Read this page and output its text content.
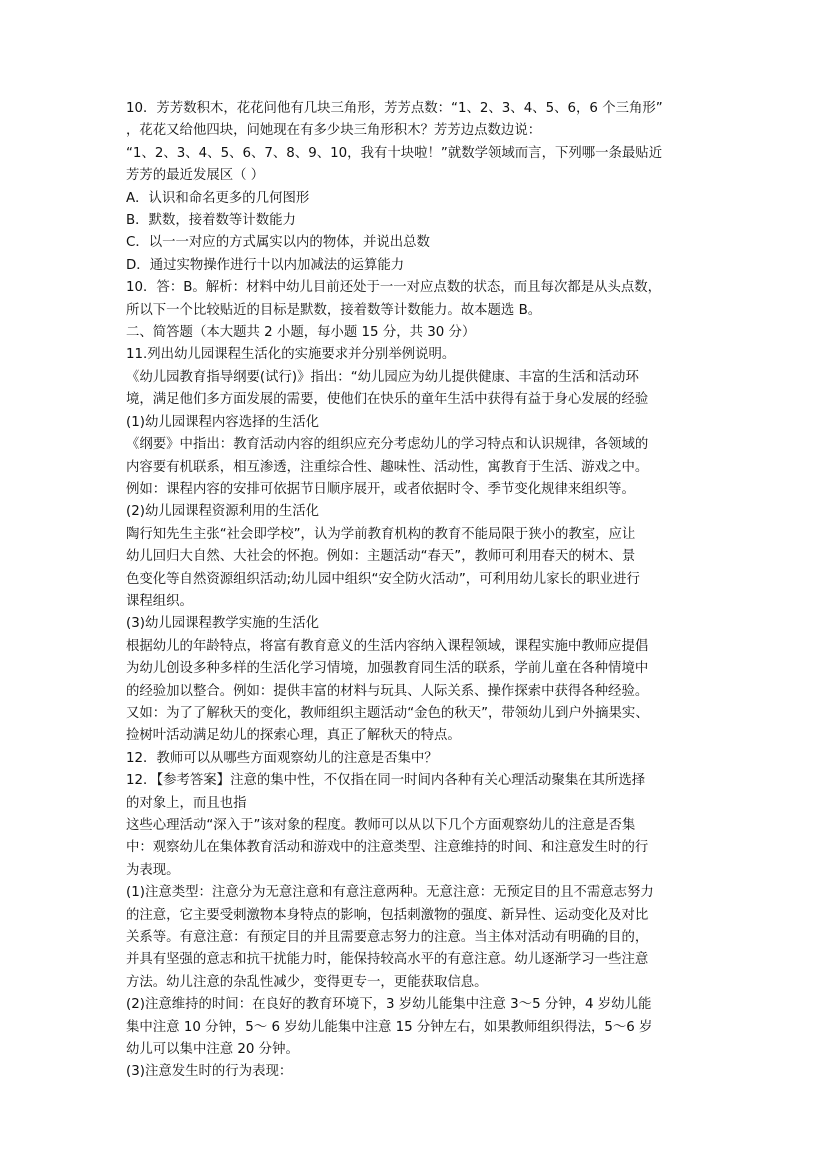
10．芳芳数积木，花花问他有几块三角形，芳芳点数：“1、2、3、4、5、6，6 个三角形”
，花花又给他四块，问她现在有多少块三角形积木？芳芳边点数边说：
“1、2、3、4、5、6、7、8、9、10，我有十块啦！”就数学领域而言，下列哪一条最贴近
芳芳的最近发展区（ ）
A．认识和命名更多的几何图形
B．默数，接着数等计数能力
C．以一一对应的方式属实以内的物体，并说出总数
D．通过实物操作进行十以内加减法的运算能力
10．答：B。解析：材料中幼儿目前还处于一一对应点数的状态，而且每次都是从头点数，
所以下一个比较贴近的目标是默数，接着数等计数能力。故本题选 B。
二、简答题（本大题共 2 小题，每小题 15 分，共 30 分）
11.列出幼儿园课程生活化的实施要求并分别举例说明。
《幼儿园教育指导纲要(试行)》指出：“幼儿园应为幼儿提供健康、丰富的生活和活动环
境，满足他们多方面发展的需要，使他们在快乐的童年生活中获得有益于身心发展的经验
(1)幼儿园课程内容选择的生活化
《纲要》中指出：教育活动内容的组织应充分考虑幼儿的学习特点和认识规律，各领域的
内容要有机联系，相互渗透，注重综合性、趣味性、活动性，寓教育于生活、游戏之中。
例如：课程内容的安排可依据节日顺序展开，或者依据时令、季节变化规律来组织等。
(2)幼儿园课程资源利用的生活化
陶行知先生主张“社会即学校”，认为学前教育机构的教育不能局限于狭小的教室，应让
幼儿回归大自然、大社会的怀抱。例如：主题活动“春天”，教师可利用春天的树木、景
色变化等自然资源组织活动;幼儿园中组织“安全防火活动”，可利用幼儿家长的职业进行
课程组织。
(3)幼儿园课程教学实施的生活化
根据幼儿的年龄特点，将富有教育意义的生活内容纳入课程领域，课程实施中教师应提倡
为幼儿创设多种多样的生活化学习情境，加强教育同生活的联系，学前儿童在各种情境中
的经验加以整合。例如：提供丰富的材料与玩具、人际关系、操作探索中获得各种经验。
又如：为了了解秋天的变化，教师组织主题活动“金色的秋天”，带领幼儿到户外摘果实、
捡树叶活动满足幼儿的探索心理，真正了解秋天的特点。
12．教师可以从哪些方面观察幼儿的注意是否集中？
12．【参考答案】注意的集中性，不仅指在同一时间内各种有关心理活动聚集在其所选择
的对象上，而且也指
这些心理活动“深入于”该对象的程度。教师可以从以下几个方面观察幼儿的注意是否集
中：观察幼儿在集体教育活动和游戏中的注意类型、注意维持的时间、和注意发生时的行
为表现。
(1)注意类型：注意分为无意注意和有意注意两种。无意注意：无预定目的且不需意志努力
的注意，它主要受刺激物本身特点的影响，包括刺激物的强度、新异性、运动变化及对比
关系等。有意注意：有预定目的并且需要意志努力的注意。当主体对活动有明确的目的，
并具有坚强的意志和抗干扰能力时，能保持较高水平的有意注意。幼儿逐渐学习一些注意
方法。幼儿注意的杂乱性减少，变得更专一，更能获取信息。
(2)注意维持的时间：在良好的教育环境下，3 岁幼儿能集中注意 3～5 分钟，4 岁幼儿能
集中注意 10 分钟，5～ 6 岁幼儿能集中注意 15 分钟左右，如果教师组织得法，5～6 岁
幼儿可以集中注意 20 分钟。
(3)注意发生时的行为表现：
